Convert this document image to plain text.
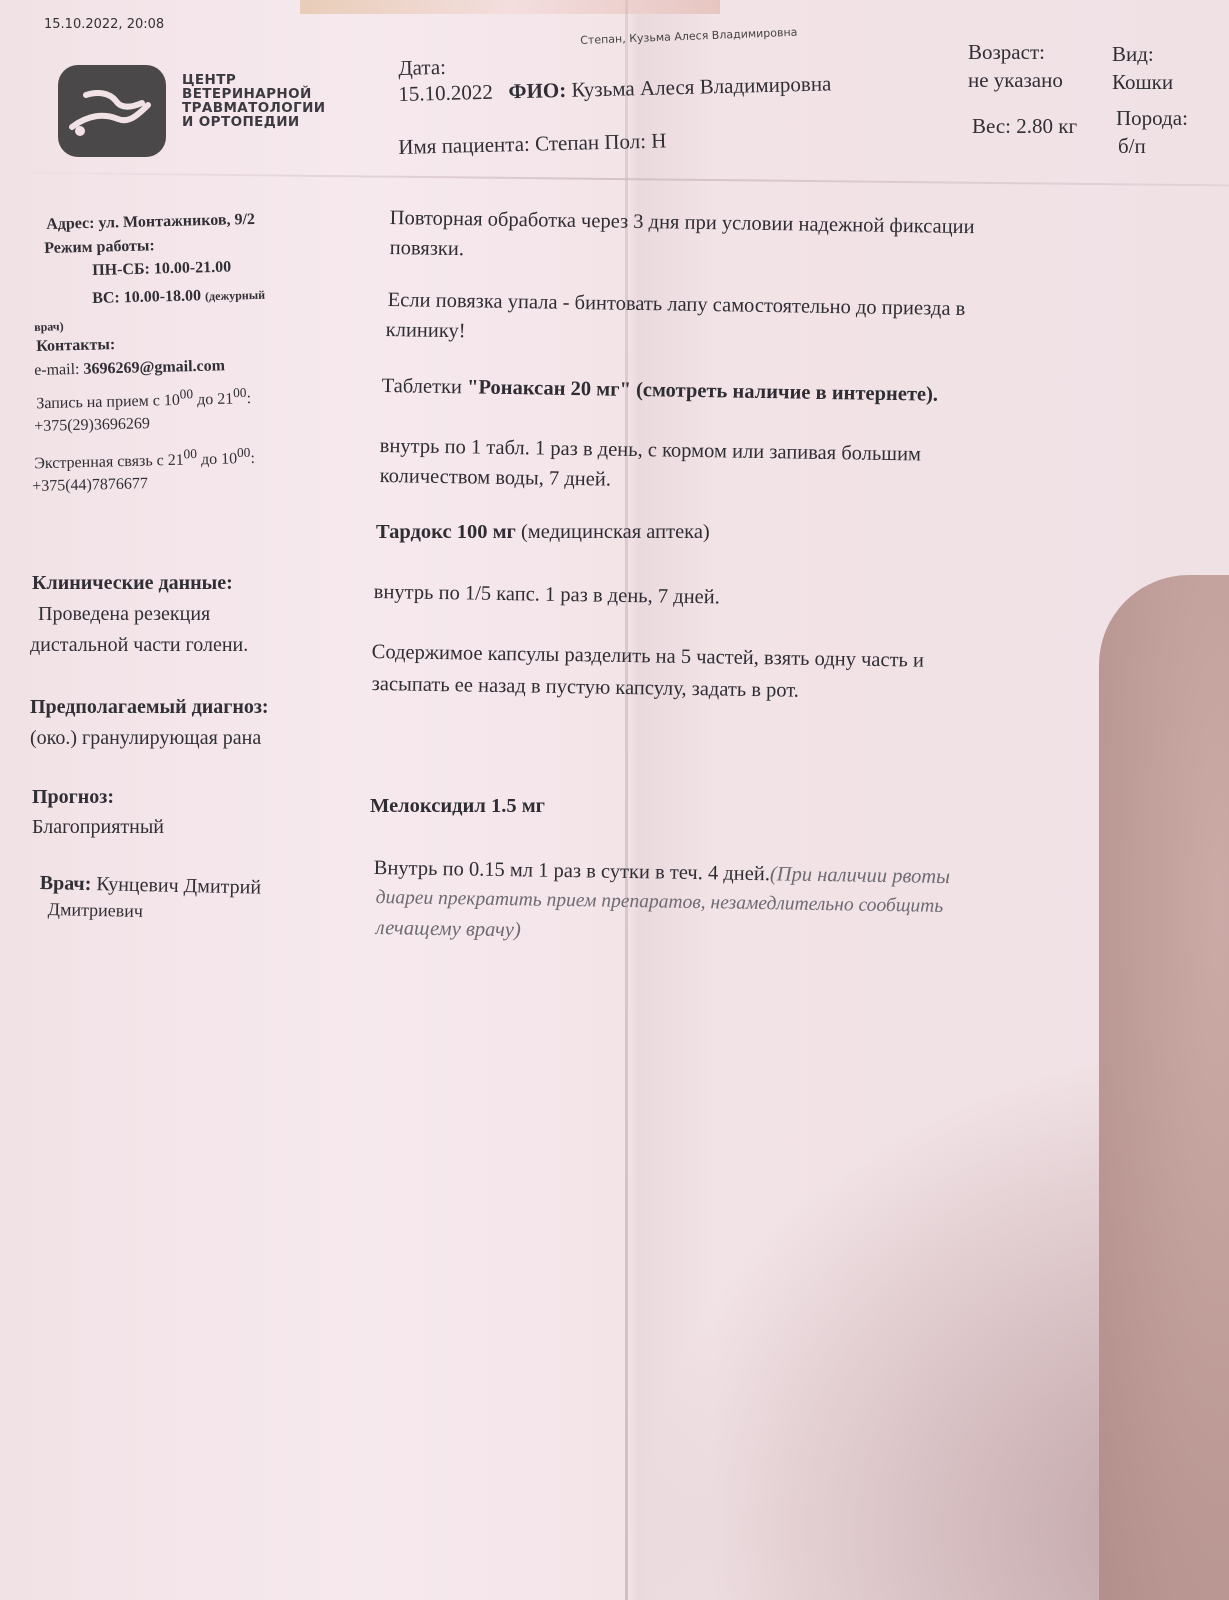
15.10.2022, 20:08
Степан, Кузьма Алеся Владимировна
ЦЕНТР
ВЕТЕРИНАРНОЙ
ТРАВМАТОЛОГИИ
И ОРТОПЕДИИ
Дата:
15.10.2022 ФИО: Кузьма Алеся Владимировна
Имя пациента: Степан Пол: Н
Возраст:
не указано
Вес: 2.80 кг
Вид:
Кошки
Порода:
б/п
Адрес: ул. Монтажников, 9/2
Режим работы:
ПН-СБ: 10.00-21.00
ВС: 10.00-18.00 (дежурный
врач)
Контакты:
e-mail: 3696269@gmail.com
Запись на прием с $10^{00}$ до $21^{00}$:
+375(29)3696269
Экстренная связь с $21^{00}$ до $10^{00}$:
+375(44)7876677
Клинические данные:
Проведена резекция
дистальной части голени.
Предполагаемый диагноз:
(око.) гранулирующая рана
Прогноз:
Благоприятный
Врач: Кунцевич Дмитрий
Дмитриевич
Повторная обработка через 3 дня при условии надежной фиксации
повязки.
Если повязка упала - бинтовать лапу самостоятельно до приезда в
клинику!
Таблетки "Ронаксан 20 мг" (смотреть наличие в интернете).
внутрь по 1 табл. 1 раз в день, с кормом или запивая большим
количеством воды, 7 дней.
Тардокс 100 мг (медицинская аптека)
внутрь по 1/5 капс. 1 раз в день, 7 дней.
Содержимое капсулы разделить на 5 частей, взять одну часть и
засыпать ее назад в пустую капсулу, задать в рот.
Мелоксидил 1.5 мг
Внутрь по 0.15 мл 1 раз в сутки в теч. 4 дней.(При наличии рвоты
диареи прекратить прием препаратов, незамедлительно сообщить
лечащему врачу)
